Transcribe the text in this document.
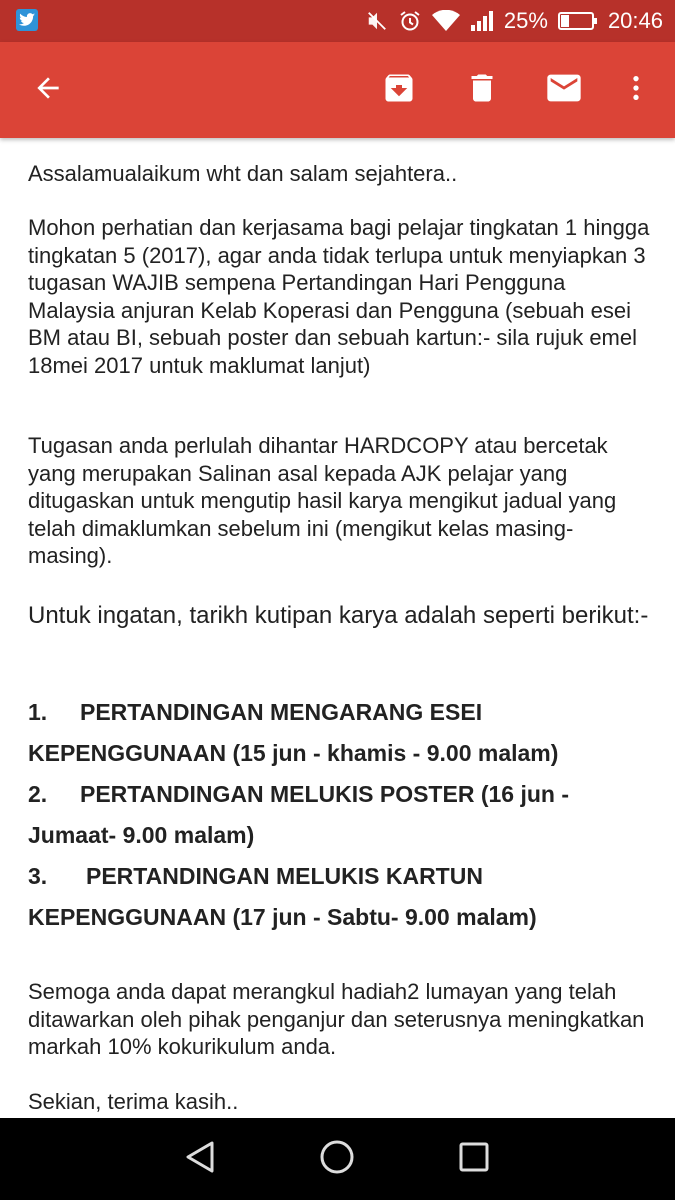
25%	20:46

Assalamualaikum wht dan salam sejahtera..

Mohon perhatian dan kerjasama bagi pelajar tingkatan 1 hingga tingkatan 5 (2017), agar anda tidak terlupa untuk menyiapkan 3 tugasan WAJIB sempena Pertandingan Hari Pengguna Malaysia anjuran Kelab Koperasi dan Pengguna (sebuah esei BM atau BI, sebuah poster dan sebuah kartun:- sila rujuk emel 18mei 2017 untuk maklumat lanjut)

Tugasan anda perlulah dihantar HARDCOPY atau bercetak yang merupakan Salinan asal kepada AJK pelajar yang ditugaskan untuk mengutip hasil karya mengikut jadual yang telah dimaklumkan sebelum ini (mengikut kelas masing-masing).

Untuk ingatan, tarikh kutipan karya adalah seperti berikut:-

1. PERTANDINGAN MENGARANG ESEI
KEPENGGUNAAN (15 jun - khamis - 9.00 malam)
2. PERTANDINGAN MELUKIS POSTER (16 jun -
Jumaat- 9.00 malam)
3. PERTANDINGAN MELUKIS KARTUN
KEPENGGUNAAN (17 jun - Sabtu- 9.00 malam)

Semoga anda dapat merangkul hadiah2 lumayan yang telah ditawarkan oleh pihak penganjur dan seterusnya meningkatkan markah 10% kokurikulum anda.

Sekian, terima kasih..
